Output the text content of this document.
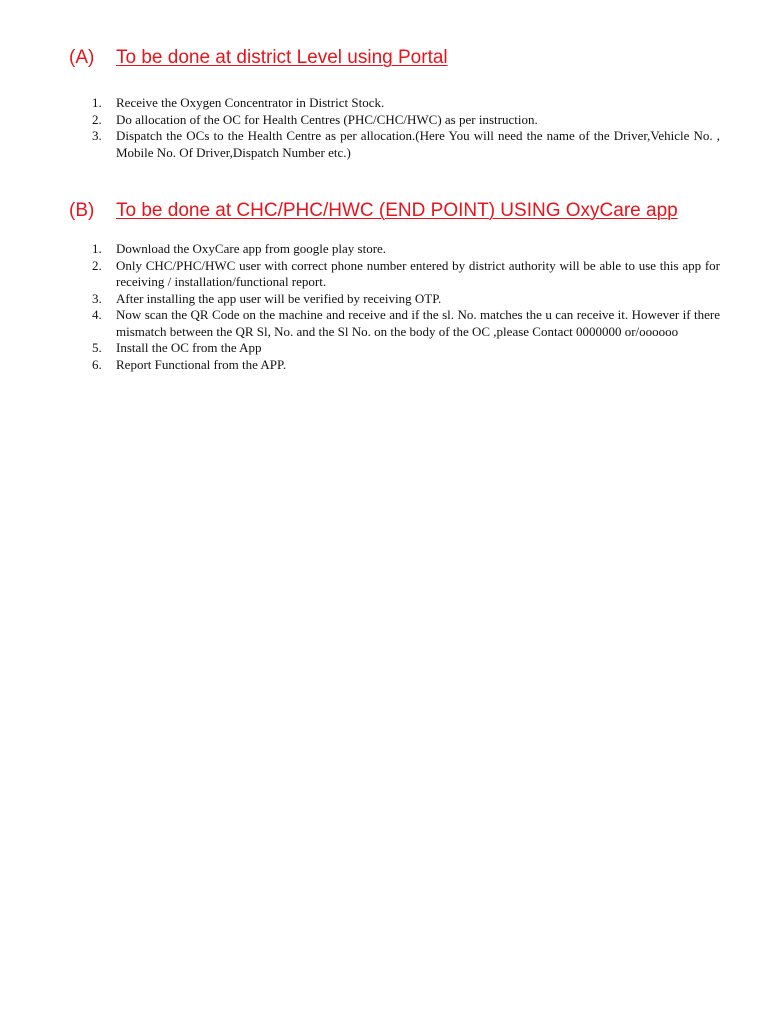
(A) To be done at district Level using Portal
1.	Receive the Oxygen Concentrator in District Stock.
2.	Do allocation of the OC for Health Centres (PHC/CHC/HWC) as per instruction.
3.	Dispatch the OCs to the Health Centre as per allocation.(Here You will need the name of the Driver,Vehicle No. , Mobile No. Of Driver,Dispatch Number etc.)
(B) To be done at CHC/PHC/HWC (END POINT) USING OxyCare app
1.	Download the OxyCare app from google play store.
2.	Only CHC/PHC/HWC user with correct phone number entered by district authority will be able to use this app for receiving / installation/functional report.
3.	After installing the app user will be verified by receiving OTP.
4.	Now scan the QR Code on the machine and receive and if the sl. No. matches the u can receive it. However if there mismatch between the QR Sl, No. and the Sl No. on the body of the OC ,please Contact 0000000 or/oooooo
5.	Install the OC from the App
6.	Report Functional from the APP.
